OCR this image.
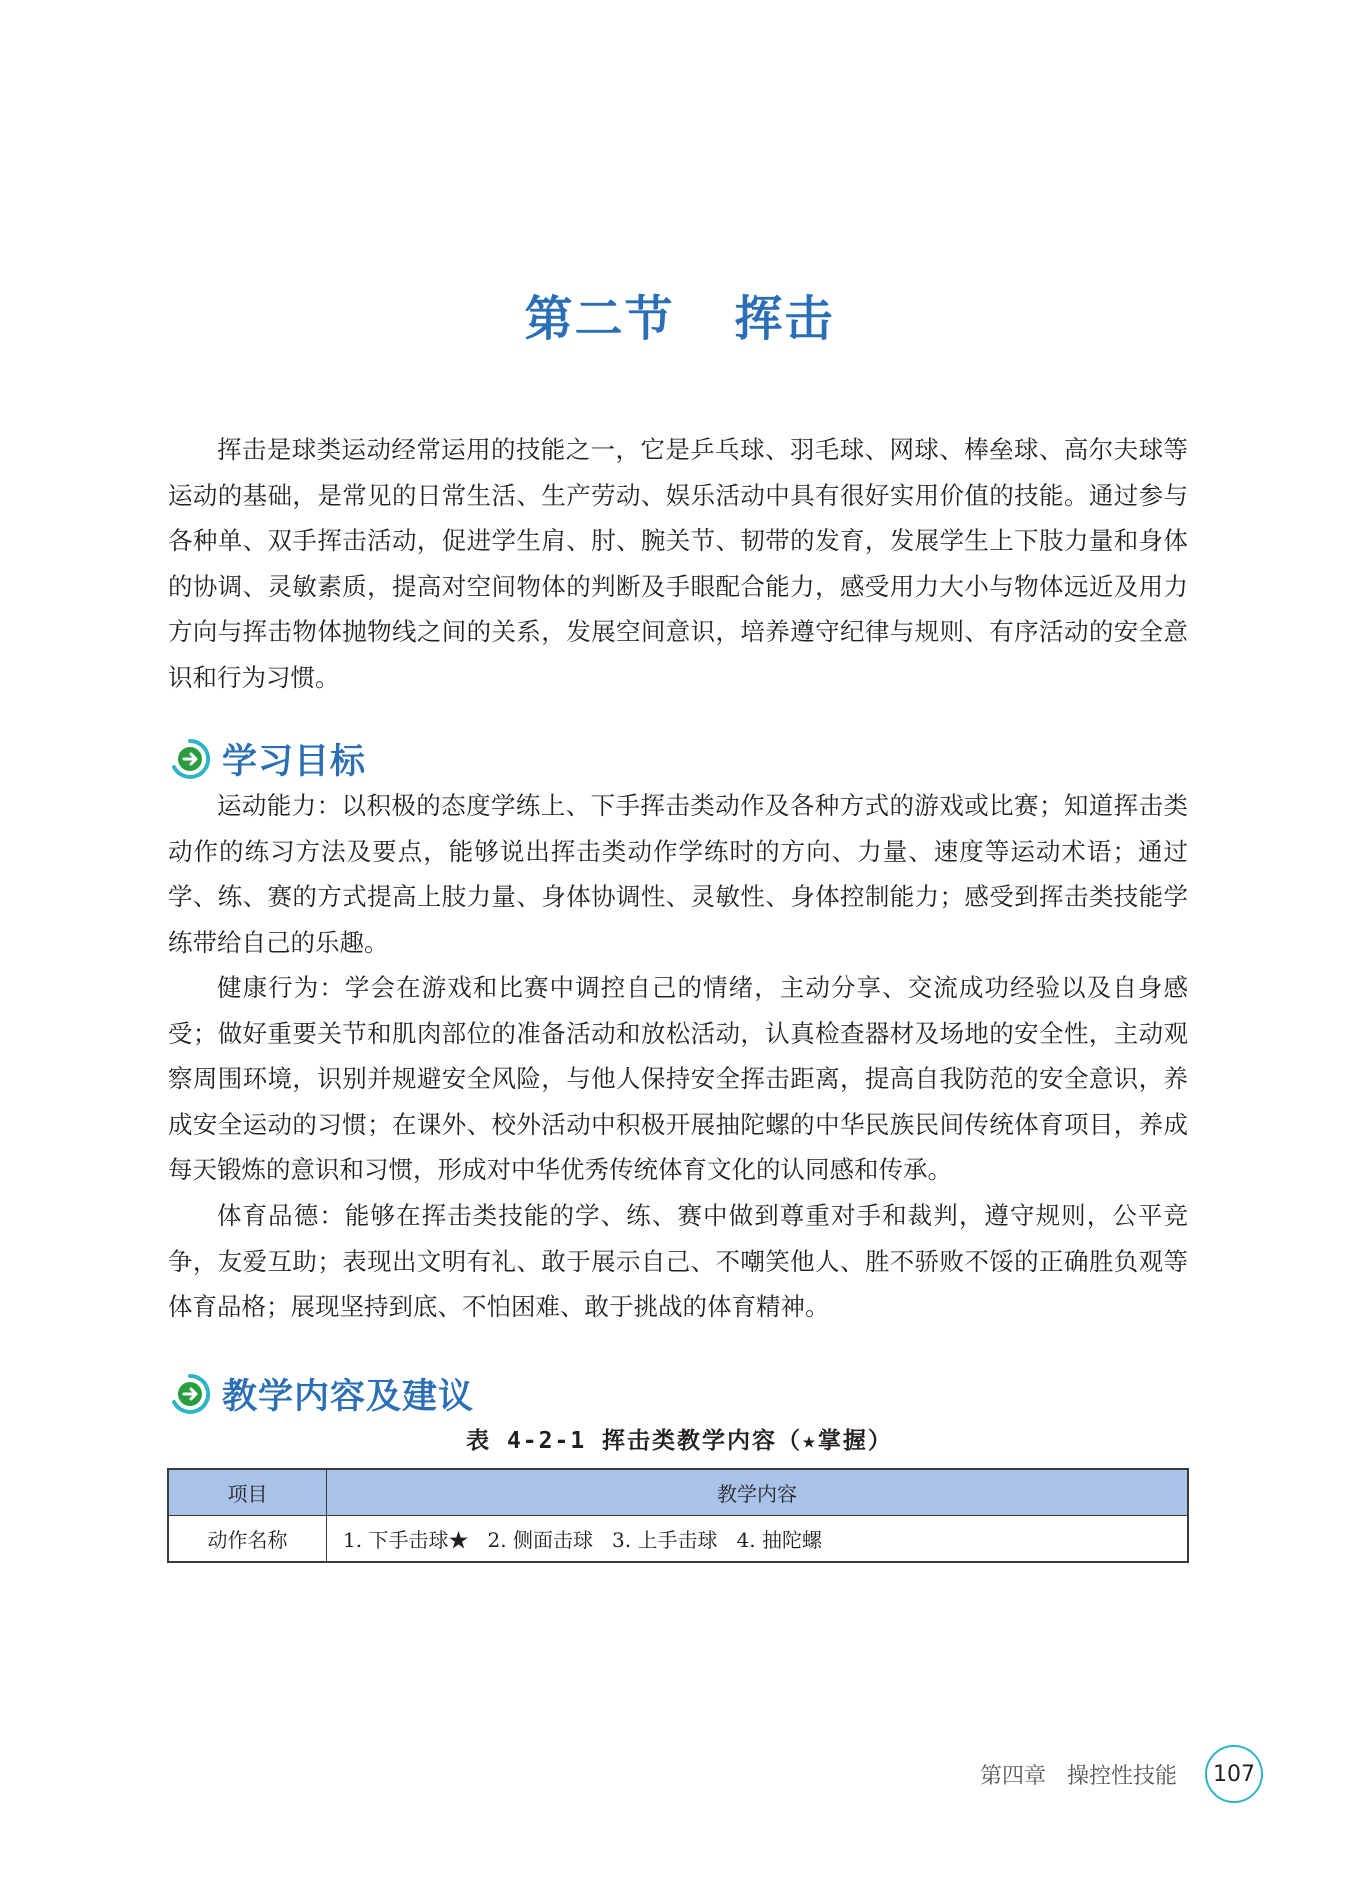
第二节 挥击

挥击是球类运动经常运用的技能之一，它是乒乓球、羽毛球、网球、棒垒球、高尔夫球等运动的基础，是常见的日常生活、生产劳动、娱乐活动中具有很好实用价值的技能。通过参与各种单、双手挥击活动，促进学生肩、肘、腕关节、韧带的发育，发展学生上下肢力量和身体的协调、灵敏素质，提高对空间物体的判断及手眼配合能力，感受用力大小与物体远近及用力方向与挥击物体抛物线之间的关系，发展空间意识，培养遵守纪律与规则、有序活动的安全意识和行为习惯。

学习目标

运动能力：以积极的态度学练上、下手挥击类动作及各种方式的游戏或比赛；知道挥击类动作的练习方法及要点，能够说出挥击类动作学练时的方向、力量、速度等运动术语；通过学、练、赛的方式提高上肢力量、身体协调性、灵敏性、身体控制能力；感受到挥击类技能学练带给自己的乐趣。

健康行为：学会在游戏和比赛中调控自己的情绪，主动分享、交流成功经验以及自身感受；做好重要关节和肌肉部位的准备活动和放松活动，认真检查器材及场地的安全性，主动观察周围环境，识别并规避安全风险，与他人保持安全挥击距离，提高自我防范的安全意识，养成安全运动的习惯；在课外、校外活动中积极开展抽陀螺的中华民族民间传统体育项目，养成每天锻炼的意识和习惯，形成对中华优秀传统体育文化的认同感和传承。

体育品德：能够在挥击类技能的学、练、赛中做到尊重对手和裁判，遵守规则，公平竞争，友爱互助；表现出文明有礼、敢于展示自己、不嘲笑他人、胜不骄败不馁的正确胜负观等体育品格；展现坚持到底、不怕困难、敢于挑战的体育精神。

教学内容及建议
表 4-2-1 挥击类教学内容（★掌握）
项目	教学内容
动作名称	1. 下手击球★   2. 侧面击球   3. 上手击球   4. 抽陀螺
第四章   操控性技能	107
